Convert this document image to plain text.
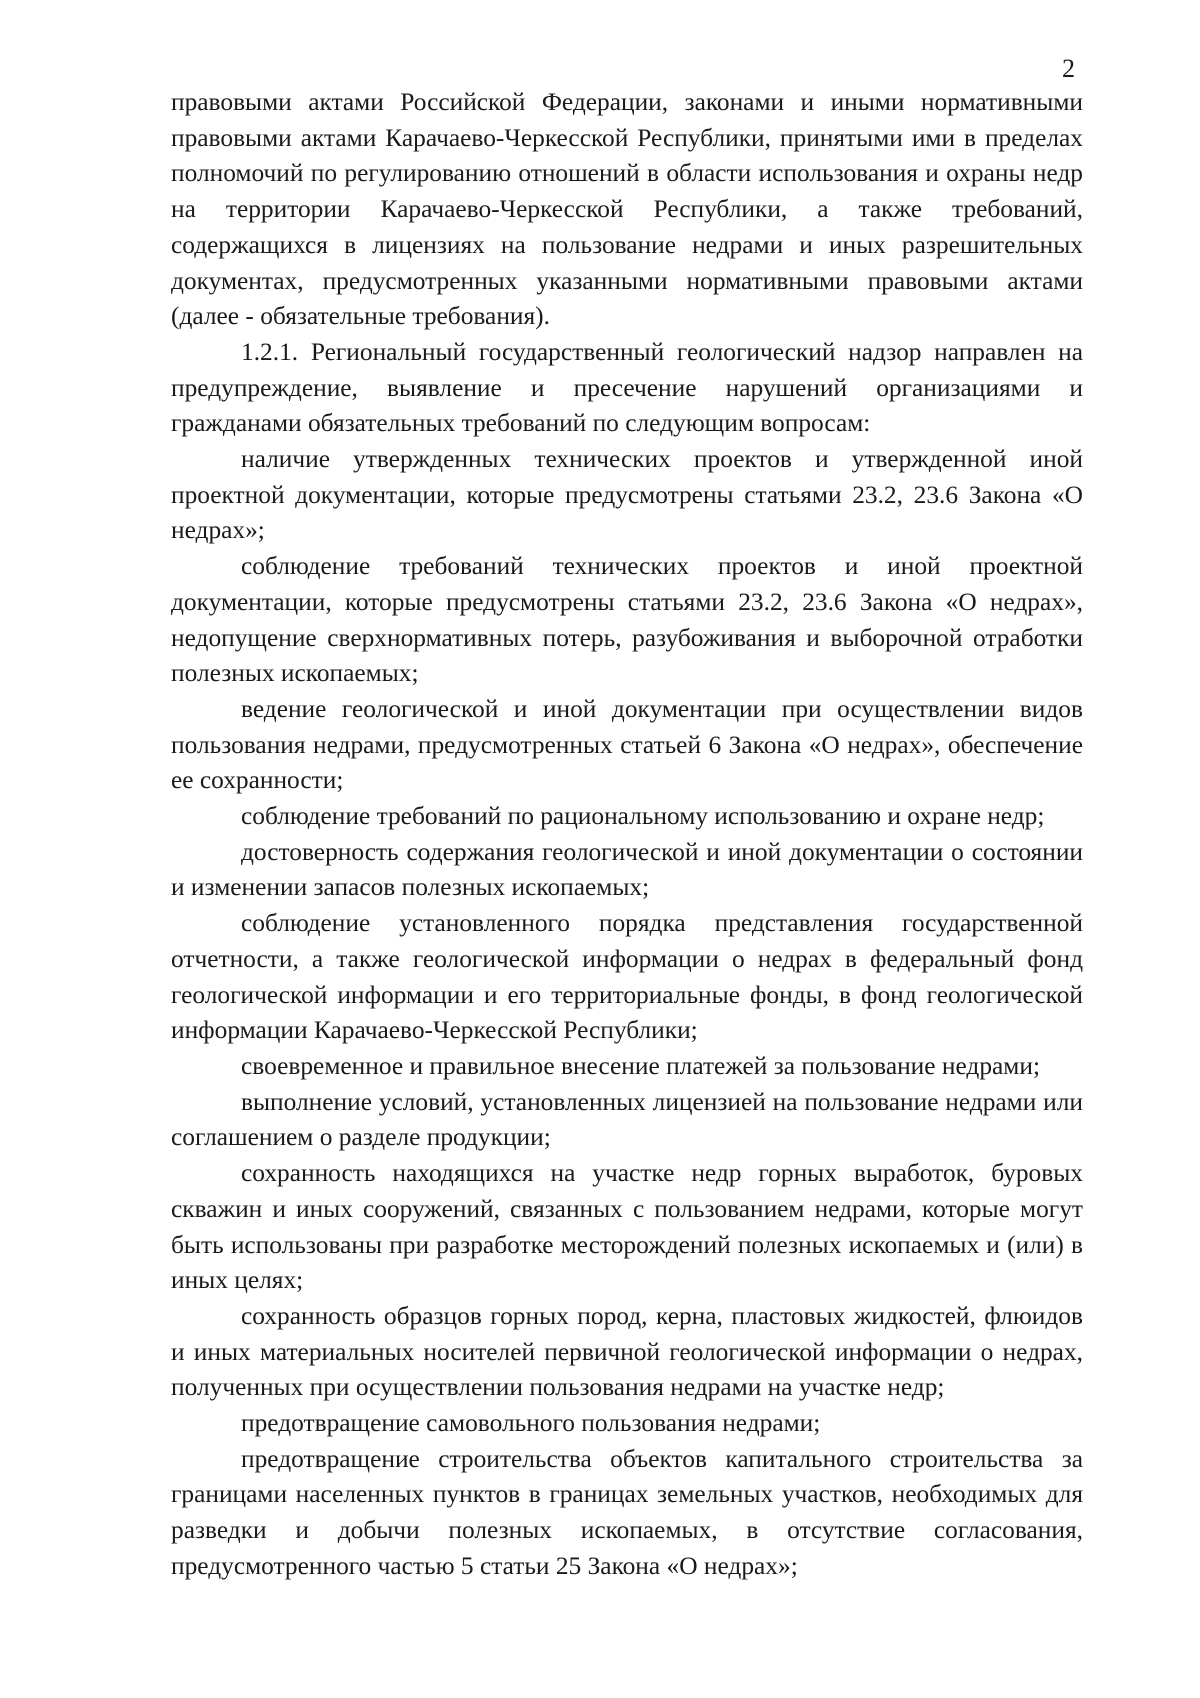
2

правовыми актами Российской Федерации, законами и иными нормативными правовыми актами Карачаево-Черкесской Республики, принятыми ими в пределах полномочий по регулированию отношений в области использования и охраны недр на территории Карачаево-Черкесской Республики, а также требований, содержащихся в лицензиях на пользование недрами и иных разрешительных документах, предусмотренных указанными нормативными правовыми актами (далее - обязательные требования).

1.2.1. Региональный государственный геологический надзор направлен на предупреждение, выявление и пресечение нарушений организациями и гражданами обязательных требований по следующим вопросам:

наличие утвержденных технических проектов и утвержденной иной проектной документации, которые предусмотрены статьями 23.2, 23.6 Закона «О недрах»;

соблюдение требований технических проектов и иной проектной документации, которые предусмотрены статьями 23.2, 23.6 Закона «О недрах», недопущение сверхнормативных потерь, разубоживания и выборочной отработки полезных ископаемых;

ведение геологической и иной документации при осуществлении видов пользования недрами, предусмотренных статьей 6 Закона «О недрах», обеспечение ее сохранности;

соблюдение требований по рациональному использованию и охране недр;

достоверность содержания геологической и иной документации о состоянии и изменении запасов полезных ископаемых;

соблюдение установленного порядка представления государственной отчетности, а также геологической информации о недрах в федеральный фонд геологической информации и его территориальные фонды, в фонд геологической информации Карачаево-Черкесской Республики;

своевременное и правильное внесение платежей за пользование недрами;

выполнение условий, установленных лицензией на пользование недрами или соглашением о разделе продукции;

сохранность находящихся на участке недр горных выработок, буровых скважин и иных сооружений, связанных с пользованием недрами, которые могут быть использованы при разработке месторождений полезных ископаемых и (или) в иных целях;

сохранность образцов горных пород, керна, пластовых жидкостей, флюидов и иных материальных носителей первичной геологической информации о недрах, полученных при осуществлении пользования недрами на участке недр;

предотвращение самовольного пользования недрами;

предотвращение строительства объектов капитального строительства за границами населенных пунктов в границах земельных участков, необходимых для разведки и добычи полезных ископаемых, в отсутствие согласования, предусмотренного частью 5 статьи 25 Закона «О недрах»;
